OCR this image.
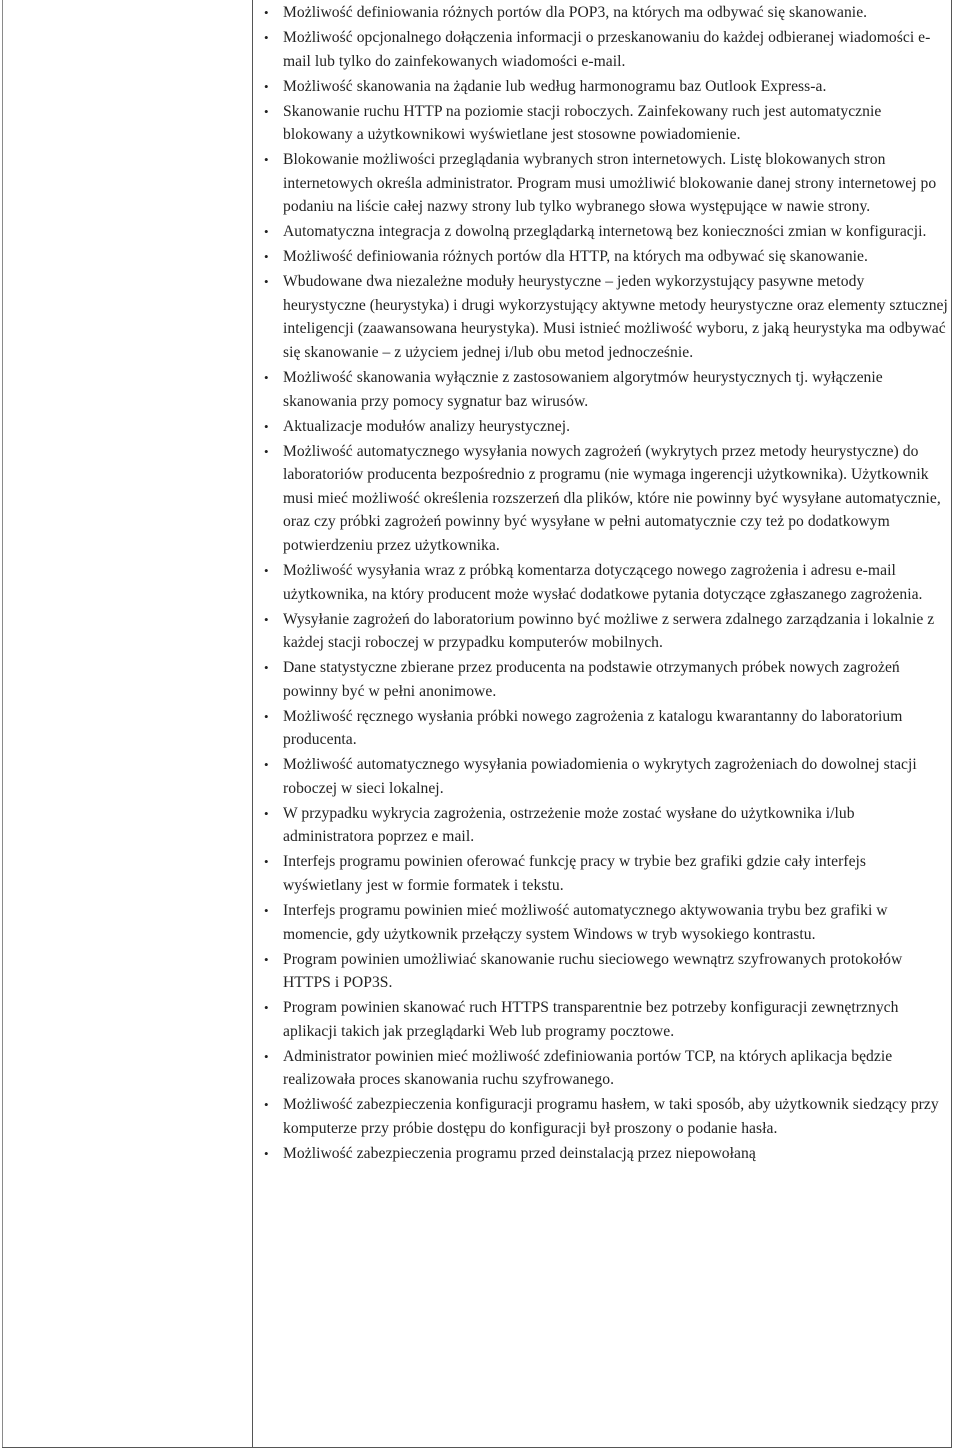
• Możliwość definiowania różnych portów dla POP3, na których ma odbywać się skanowanie.
• Możliwość opcjonalnego dołączenia informacji o przeskanowaniu do każdej odbieranej wiadomości e-mail lub tylko do zainfekowanych wiadomości e-mail.
• Możliwość skanowania na żądanie lub według harmonogramu baz Outlook Express-a.
• Skanowanie ruchu HTTP na poziomie stacji roboczych. Zainfekowany ruch jest automatycznie blokowany a użytkownikowi wyświetlane jest stosowne powiadomienie.
• Blokowanie możliwości przeglądania wybranych stron internetowych. Listę blokowanych stron internetowych określa administrator. Program musi umożliwić blokowanie danej strony internetowej po podaniu na liście całej nazwy strony lub tylko wybranego słowa występujące w nawie strony.
• Automatyczna integracja z dowolną przeglądarką internetową bez konieczności zmian w konfiguracji.
• Możliwość definiowania różnych portów dla HTTP, na których ma odbywać się skanowanie.
• Wbudowane dwa niezależne moduły heurystyczne – jeden wykorzystujący pasywne metody heurystyczne (heurystyka) i drugi wykorzystujący aktywne metody heurystyczne oraz elementy sztucznej inteligencji (zaawansowana heurystyka). Musi istnieć możliwość wyboru, z jaką heurystyka ma odbywać się skanowanie – z użyciem jednej i/lub obu metod jednocześnie.
• Możliwość skanowania wyłącznie z zastosowaniem algorytmów heurystycznych tj. wyłączenie skanowania przy pomocy sygnatur baz wirusów.
• Aktualizacje modułów analizy heurystycznej.
• Możliwość automatycznego wysyłania nowych zagrożeń (wykrytych przez metody heurystyczne) do laboratoriów producenta bezpośrednio z programu (nie wymaga ingerencji użytkownika). Użytkownik musi mieć możliwość określenia rozszerzeń dla plików, które nie powinny być wysyłane automatycznie, oraz czy próbki zagrożeń powinny być wysyłane w pełni automatycznie czy też po dodatkowym potwierdzeniu przez użytkownika.
• Możliwość wysyłania wraz z próbką komentarza dotyczącego nowego zagrożenia i adresu e-mail użytkownika, na który producent może wysłać dodatkowe pytania dotyczące zgłaszanego zagrożenia.
• Wysyłanie zagrożeń do laboratorium powinno być możliwe z serwera zdalnego zarządzania i lokalnie z każdej stacji roboczej w przypadku komputerów mobilnych.
• Dane statystyczne zbierane przez producenta na podstawie otrzymanych próbek nowych zagrożeń powinny być w pełni anonimowe.
• Możliwość ręcznego wysłania próbki nowego zagrożenia z katalogu kwarantanny do laboratorium producenta.
• Możliwość automatycznego wysyłania powiadomienia o wykrytych zagrożeniach do dowolnej stacji roboczej w sieci lokalnej.
• W przypadku wykrycia zagrożenia, ostrzeżenie może zostać wysłane do użytkownika i/lub administratora poprzez e mail.
• Interfejs programu powinien oferować funkcję pracy w trybie bez grafiki gdzie cały interfejs wyświetlany jest w formie formatek i tekstu.
• Interfejs programu powinien mieć możliwość automatycznego aktywowania trybu bez grafiki w momencie, gdy użytkownik przełączy system Windows w tryb wysokiego kontrastu.
• Program powinien umożliwiać skanowanie ruchu sieciowego wewnątrz szyfrowanych protokołów HTTPS i POP3S.
• Program powinien skanować ruch HTTPS transparentnie bez potrzeby konfiguracji zewnętrznych aplikacji takich jak przeglądarki Web lub programy pocztowe.
• Administrator powinien mieć możliwość zdefiniowania portów TCP, na których aplikacja będzie realizowała proces skanowania ruchu szyfrowanego.
• Możliwość zabezpieczenia konfiguracji programu hasłem, w taki sposób, aby użytkownik siedzący przy komputerze przy próbie dostępu do konfiguracji był proszony o podanie hasła.
• Możliwość zabezpieczenia programu przed deinstalacją przez niepowołaną
